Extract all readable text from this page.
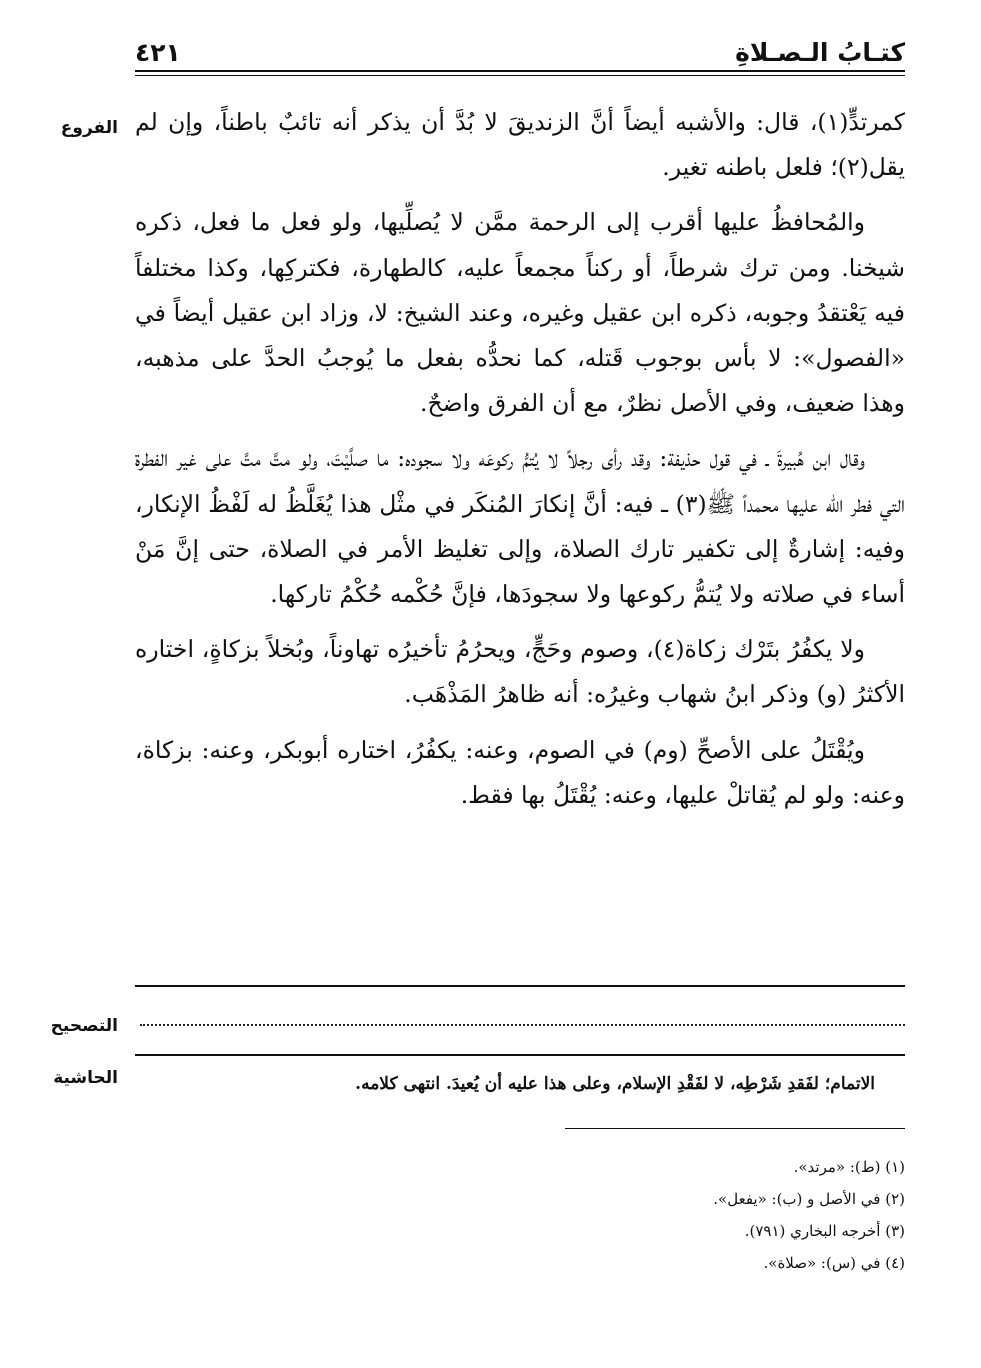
كتـابُ الـصـلاةِ
٤٢١
الفروع كمرتدٍّ(١)، قال: والأشبه أيضاً أنَّ الزنديقَ لا بُدَّ أن يذكر أنه تائبٌ باطناً، وإن لم يقل(٢)؛ فلعل باطنه تغير.

والمُحافظُ عليها أقرب إلى الرحمة ممَّن لا يُصلِّيها، ولو فعل ما فعل، ذكره شيخنا. ومن ترك شرطاً، أو ركناً مجمعاً عليه، كالطهارة، فكتركِها، وكذا مختلفاً فيه يَعْتقدُ وجوبه، ذكره ابن عقيل وغيره، وعند الشيخ: لا، وزاد ابن عقيل أيضاً في «الفصول»: لا بأس بوجوب قَتله، كما نحدُّه بفعل ما يُوجبُ الحدَّ على مذهبه، وهذا ضعيف، وفي الأصل نظرٌ، مع أن الفرق واضحٌ.

وقال ابن هُبيرةَ ـ في قول حذيفة: وقد رأى رجلاً لا يُتمُّ ركوعَه ولا سجوده: ما صلَّيْتَ، ولو متَّ متَّ على غير الفطرة التي فطر الله عليها محمداً ﷺ(٣) ـ فيه: أنَّ إنكارَ المُنكَر في مثْل هذا يُغَلَّظُ له لَفْظُ الإنكار، وفيه: إشارةٌ إلى تكفير تارك الصلاة، وإلى تغليظ الأمر في الصلاة، حتى إنَّ مَنْ أساء في صلاته ولا يُتمُّ ركوعها ولا سجودَها، فإنَّ حُكْمه حُكْمُ تاركها.

ولا يكفُرُ بتَرْك زكاة(٤)، وصوم وحَجٍّ، ويحرُمُ تأخيرُه تهاوناً، وبُخلاً بزكاةٍ، اختاره الأكثرُ (و) وذكر ابنُ شهاب وغيرُه: أنه ظاهرُ المَذْهَب.

ويُقْتَلُ على الأصحِّ (وم) في الصوم، وعنه: يكفُرُ، اختاره أبوبكر، وعنه: بزكاة، وعنه: ولو لم يُقاتلْ عليها، وعنه: يُقْتَلُ بها فقط.

التصحيح
الحاشية	الاتمام؛ لفَقدِ شَرْطِه، لا لفَقْدِ الإسلام، وعلى هذا عليه أن يُعيدَ. انتهى كلامه.
(١) (ط): «مرتد».
(٢) في الأصل و (ب): «يفعل».
(٣) أخرجه البخاري (٧٩١).
(٤) في (س): «صلاة».
